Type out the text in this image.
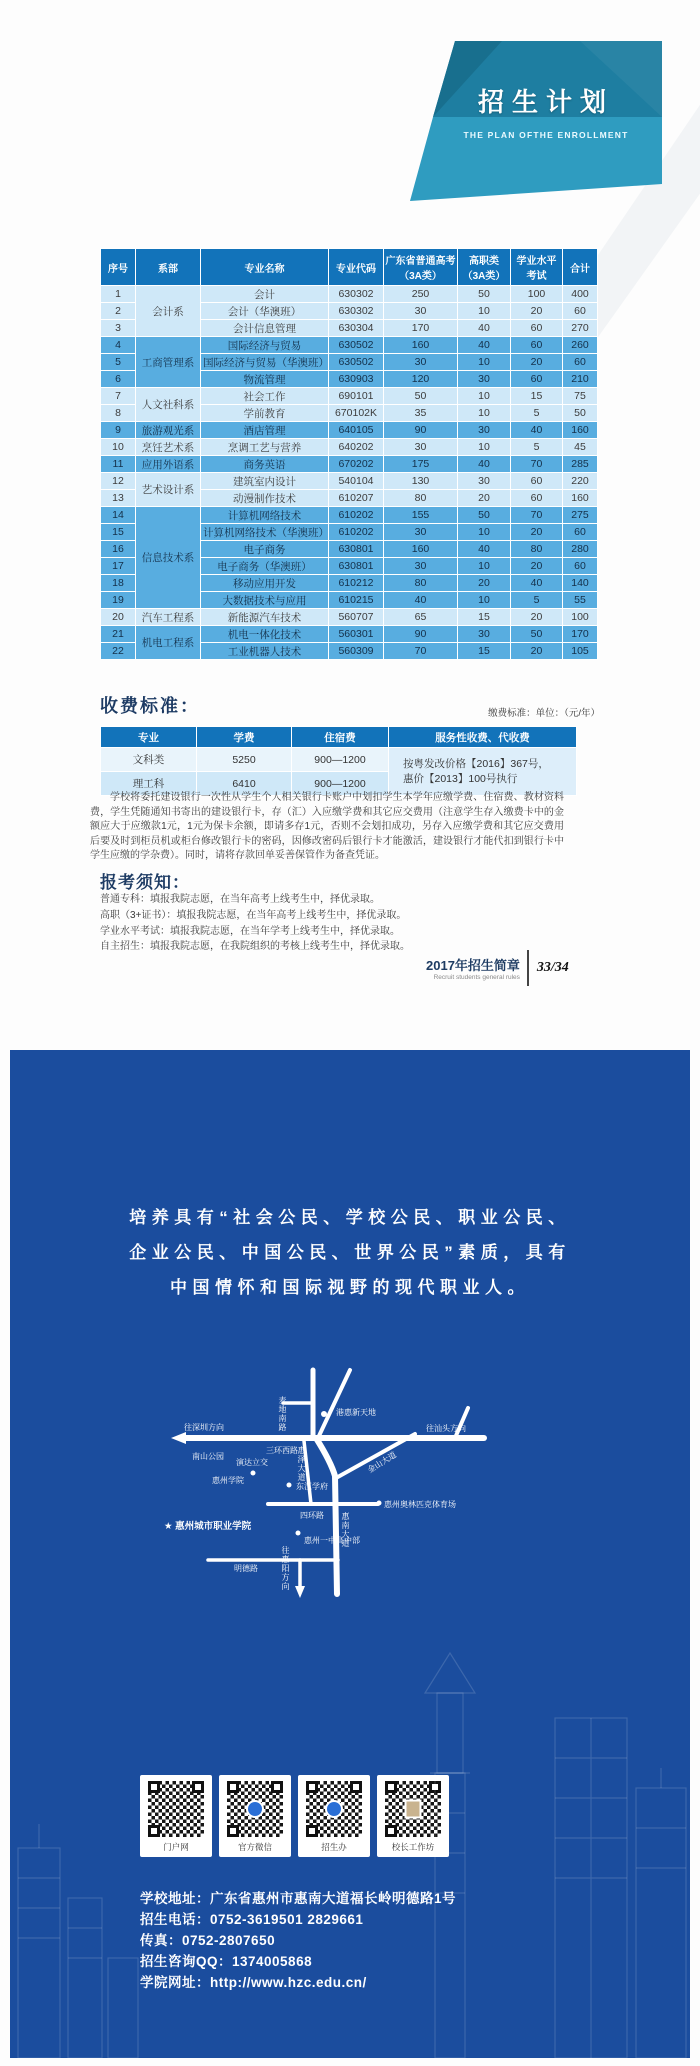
招生计划
THE PLAN OFTHE ENROLLMENT
序号	系部	专业名称	专业代码	广东省普通高考（3A类）	高职类（3A类）	学业水平考试	合计
1	会计系	会计	630302	250	50	100	400
2		会计（华澳班）	630302	30	10	20	60
3		会计信息管理	630304	170	40	60	270
4	工商管理系	国际经济与贸易	630502	160	40	60	260
5		国际经济与贸易（华澳班）	630502	30	10	20	60
6		物流管理	630903	120	30	60	210
7	人文社科系	社会工作	690101	50	10	15	75
8		学前教育	670102K	35	10	5	50
9	旅游观光系	酒店管理	640105	90	30	40	160
10	烹饪艺术系	烹调工艺与营养	640202	30	10	5	45
11	应用外语系	商务英语	670202	175	40	70	285
12	艺术设计系	建筑室内设计	540104	130	30	60	220
13		动漫制作技术	610207	80	20	60	160
14	信息技术系	计算机网络技术	610202	155	50	70	275
15		计算机网络技术（华澳班）	610202	30	10	20	60
16		电子商务	630801	160	40	80	280
17		电子商务（华澳班）	630801	30	10	20	60
18		移动应用开发	610212	80	20	40	140
19		大数据技术与应用	610215	40	10	5	55
20	汽车工程系	新能源汽车技术	560707	65	15	20	100
21	机电工程系	机电一体化技术	560301	90	30	50	170
22		工业机器人技术	560309	70	15	20	105
收费标准：	缴费标准：单位：（元/年）
专业	学费	住宿费	服务性收费、代收费
文科类	5250	900—1200	按粤发改价格【2016】367号，
惠价【2013】100号执行

理工科	6410	900—1200	
学校将委托建设银行一次性从学生个人相关银行卡账户中划扣学生本学年应缴学费、住宿费、教材资料费，学生凭随通知书寄出的建设银行卡，存（汇）入应缴学费和其它应交费用（注意学生存入缴费卡中的金额应大于应缴款1元，1元为保卡余额，即请多存1元，否则不会划扣成功，另存入应缴学费和其它应交费用后要及时到柜员机或柜台修改银行卡的密码，因修改密码后银行卡才能激活，建设银行才能代扣到银行卡中学生应缴的学杂费）。同时，请将存款回单妥善保管作为备查凭证。
报考须知：
普通专科：填报我院志愿，在当年高考上线考生中，择优录取。
高职（3+证书）：填报我院志愿，在当年高考上线考生中，择优录取。
学业水平考试：填报我院志愿，在当年学考上线考生中，择优录取。
自主招生：填报我院志愿，在我院组织的考核上线考生中，择优录取。
2017年招生简章
Recruit students general rules
33/34
培养具有“社会公民、学校公民、职业公民、
企业公民、中国公民、世界公民”素质，具有
中国情怀和国际视野的现代职业人。
港惠新天地
麦地南路
往深圳方向	往汕头方向
三环西路
演达立交
南山公园
惠州学院	惠泽大道	金山大道
东江学府
四环路
惠州奥林匹克体育场
惠南大道
★ 惠州城市职业学院
惠州一中高中部
往惠阳方向
明德路
门户网	官方微信	招生办	校长工作坊
学校地址：广东省惠州市惠南大道福长岭明德路1号
招生电话：0752-3619501 2829661
传真：0752-2807650
招生咨询QQ：1374005868
学院网址：http://www.hzc.edu.cn/
